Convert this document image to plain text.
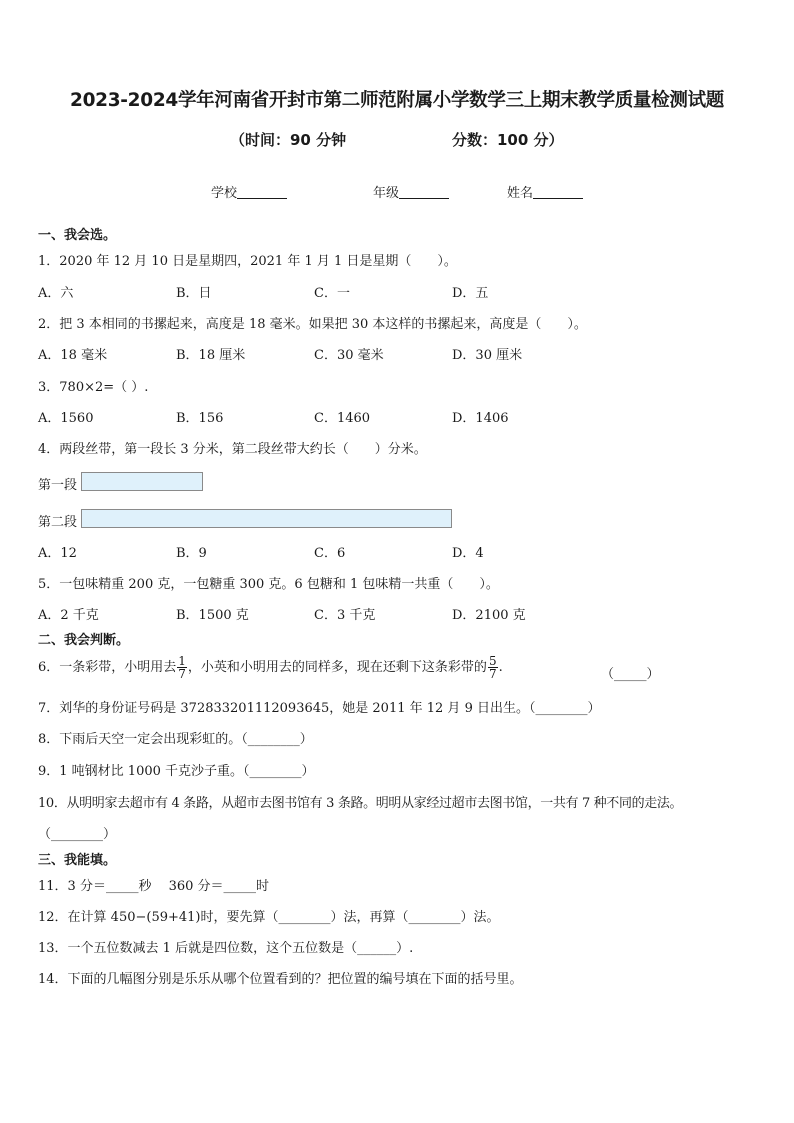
2023-2024学年河南省开封市第二师范附属小学数学三上期末教学质量检测试题
（时间：90 分钟	分数：100 分）
学校	年级	姓名
一、我会选。
1．2020 年 12 月 10 日是星期四，2021 年 1 月 1 日是星期（　　）。
A．六	B．日	C．一	D．五
2．把 3 本相同的书摞起来，高度是 18 毫米。如果把 30 本这样的书摞起来，高度是（　　）。
A．18 毫米	B．18 厘米	C．30 毫米	D．30 厘米
3．780×2=（ ）.
A．1560	B．156	C．1460	D．1406
4．两段丝带，第一段长 3 分米，第二段丝带大约长（　　）分米。
第一段
第二段
A．12	B．9	C．6	D．4
5．一包味精重 200 克，一包糖重 300 克。6 包糖和 1 包味精一共重（　　）。
A．2 千克	B．1500 克	C．3 千克	D．2100 克
二、我会判断。
6．一条彩带，小明用去 $\frac{1}{7}$ ，小英和小明用去的同样多，现在还剩下这条彩带的 $\frac{5}{7}$ .	（_____）
7．刘华的身份证号码是 372833201112093645，她是 2011 年 12 月 9 日出生。（________）
8．下雨后天空一定会出现彩虹的。（________）
9．1 吨钢材比 1000 千克沙子重。（________）
10．从明明家去超市有 4 条路，从超市去图书馆有 3 条路。明明从家经过超市去图书馆，一共有 7 种不同的走法。
（________）
三、我能填。
11．3 分＝_____秒　 360 分＝_____时
12．在计算 450−(59+41)时，要先算（________）法，再算（________）法。
13．一个五位数减去 1 后就是四位数，这个五位数是（______）.
14．下面的几幅图分别是乐乐从哪个位置看到的？把位置的编号填在下面的括号里。
